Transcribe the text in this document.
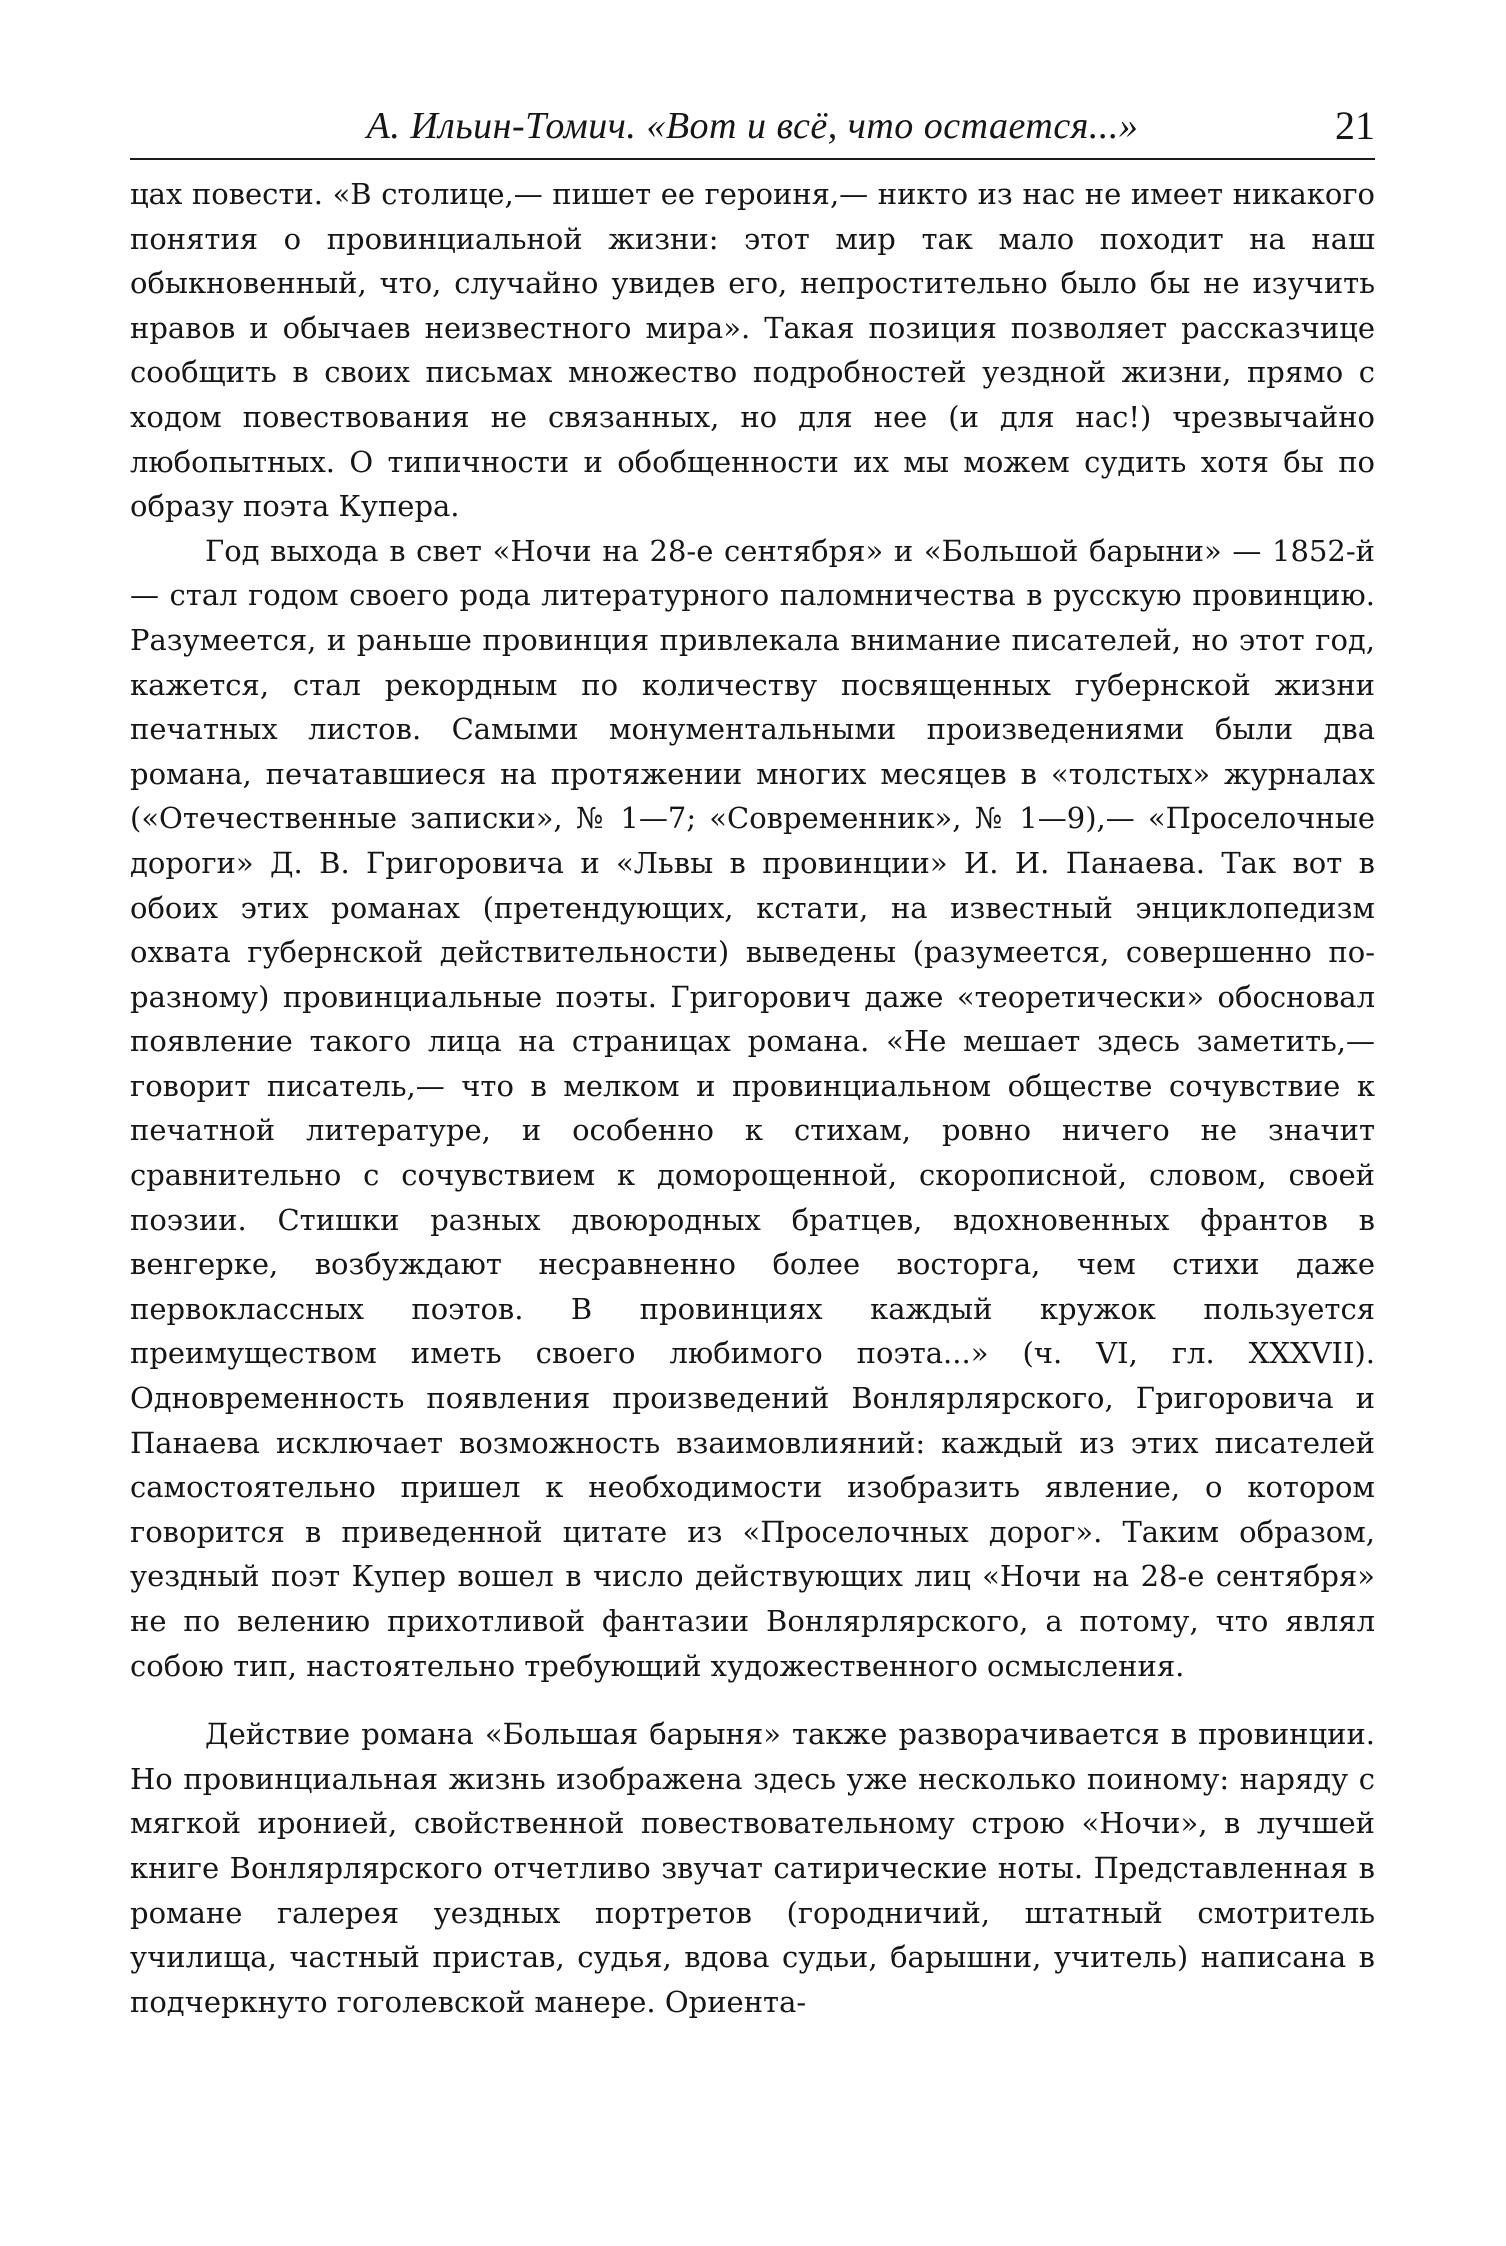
А. Ильин-Томич. «Вот и всё, что остается...»	21

цах повести. «В столице,— пишет ее героиня,— никто из нас не имеет никакого понятия о провинциальной жизни: этот мир так мало походит на наш обыкновенный, что, случайно увидев его, непростительно было бы не изучить нравов и обычаев неизвестного мира». Такая позиция позволяет рассказчице сообщить в своих письмах множество подробностей уездной жизни, прямо с ходом повествования не связанных, но для нее (и для нас!) чрезвычайно любопытных. О типичности и обобщенности их мы можем судить хотя бы по образу поэта Купера.

Год выхода в свет «Ночи на 28-е сентября» и «Большой барыни» — 1852-й — стал годом своего рода литературного паломничества в русскую провинцию. Разумеется, и раньше провинция привлекала внимание писателей, но этот год, кажется, стал рекордным по количеству посвященных губернской жизни печатных листов. Самыми монументальными произведениями были два романа, печатавшиеся на протяжении многих месяцев в «толстых» журналах («Отечественные записки», № 1—7; «Современник», № 1—9),— «Проселочные дороги» Д. В. Григоровича и «Львы в провинции» И. И. Панаева. Так вот в обоих этих романах (претендующих, кстати, на известный энциклопедизм охвата губернской действительности) выведены (разумеется, совершенно по-разному) провинциальные поэты. Григорович даже «теоретически» обосновал появление такого лица на страницах романа. «Не мешает здесь заметить,— говорит писатель,— что в мелком и провинциальном обществе сочувствие к печатной литературе, и особенно к стихам, ровно ничего не значит сравнительно с сочувствием к доморощенной, скорописной, словом, своей поэзии. Стишки разных двоюродных братцев, вдохновенных франтов в венгерке, возбуждают несравненно более восторга, чем стихи даже первоклассных поэтов. В провинциях каждый кружок пользуется преимуществом иметь своего любимого поэта...» (ч. VI, гл. XXXVII). Одновременность появления произведений Вонлярлярского, Григоровича и Панаева исключает возможность взаимовлияний: каждый из этих писателей самостоятельно пришел к необходимости изобразить явление, о котором говорится в приведенной цитате из «Проселочных дорог». Таким образом, уездный поэт Купер вошел в число действующих лиц «Ночи на 28-е сентября» не по велению прихотливой фантазии Вонлярлярского, а потому, что являл собою тип, настоятельно требующий художественного осмысления.

Действие романа «Большая барыня» также разворачивается в провинции. Но провинциальная жизнь изображена здесь уже несколько поиному: наряду с мягкой иронией, свойственной повествовательному строю «Ночи», в лучшей книге Вонлярлярского отчетливо звучат сатирические ноты. Представленная в романе галерея уездных портретов (городничий, штатный смотритель училища, частный пристав, судья, вдова судьи, барышни, учитель) написана в подчеркнуто гоголевской манере. Ориента-
